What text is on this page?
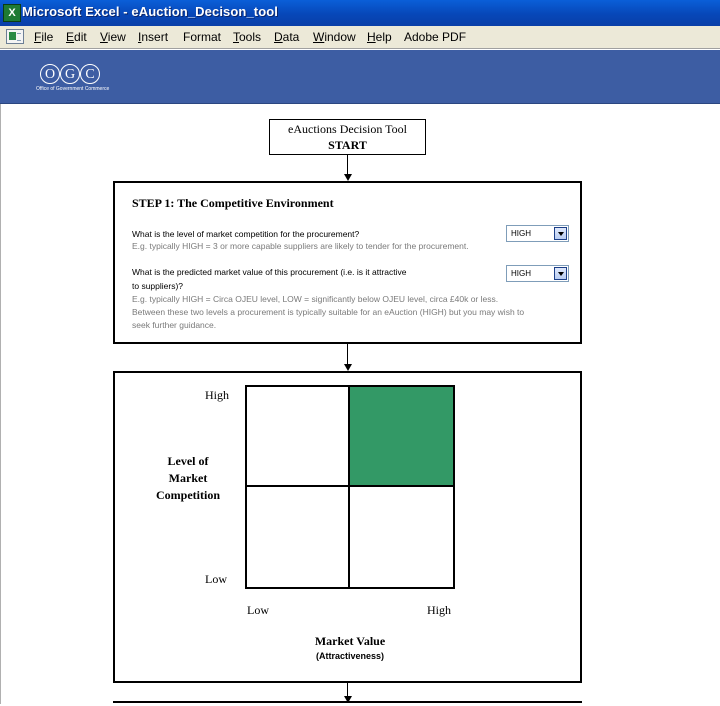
X Microsoft Excel - eAuction_Decison_tool
File Edit View Insert Format Tools Data Window Help Adobe PDF
O G C
Office of Government Commerce
eAuctions Decision Tool
START
STEP 1: The Competitive Environment
What is the level of market competition for the procurement?
E.g. typically HIGH = 3 or more capable suppliers are likely to tender for the procurement.
HIGH
What is the predicted market value of this procurement (i.e. is it attractive
to suppliers)?
E.g. typically HIGH = Circa OJEU level, LOW = significantly below OJEU level, circa £40k or less.
Between these two levels a procurement is typically suitable for an eAuction (HIGH) but you may wish to
seek further guidance.
HIGH
High
Low
Level of
Market
Competition
Low	High
Market Value
(Attractiveness)
